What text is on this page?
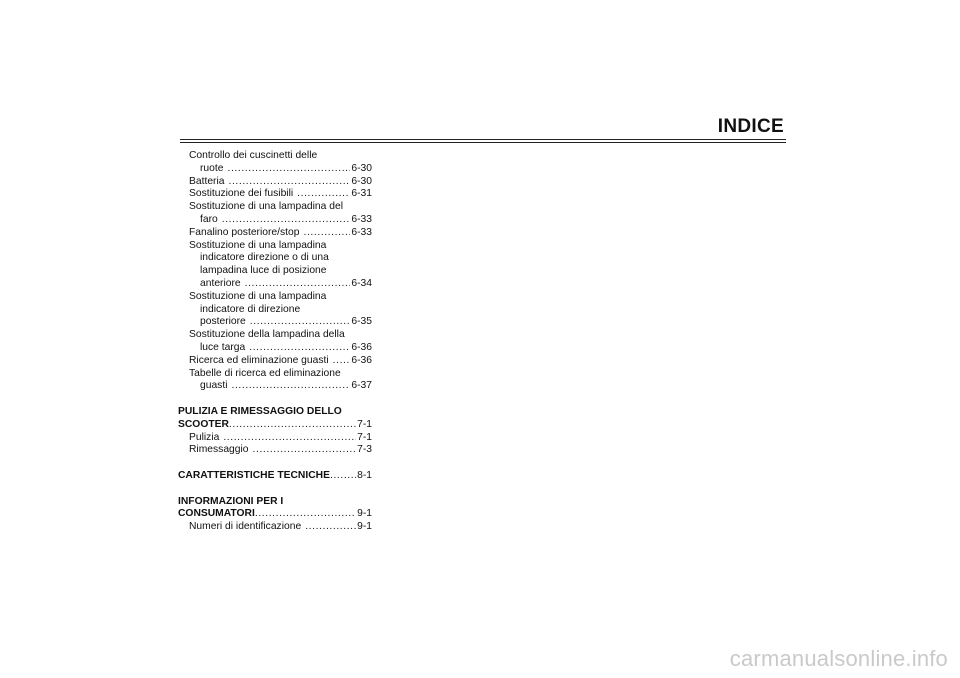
INDICE
Controllo dei cuscinetti delle
ruote .....	6-30
Batteria .....	6-30
Sostituzione dei fusibili .....	6-31
Sostituzione di una lampadina del
faro .....	6-33
Fanalino posteriore/stop .....	6-33
Sostituzione di una lampadina
indicatore direzione o di una
lampadina luce di posizione
anteriore .....	6-34
Sostituzione di una lampadina
indicatore di direzione
posteriore .....	6-35
Sostituzione della lampadina della
luce targa .....	6-36
Ricerca ed eliminazione guasti ..... 6-36
Tabelle di ricerca ed eliminazione
guasti .....	6-37
PULIZIA E RIMESSAGGIO DELLO
SCOOTER .....	7-1
Pulizia .....	7-1
Rimessaggio .....	7-3
CARATTERISTICHE TECNICHE .....	8-1
INFORMAZIONI PER I
CONSUMATORI .....	9-1
Numeri di identificazione .....	9-1
carmanualsonline.info
